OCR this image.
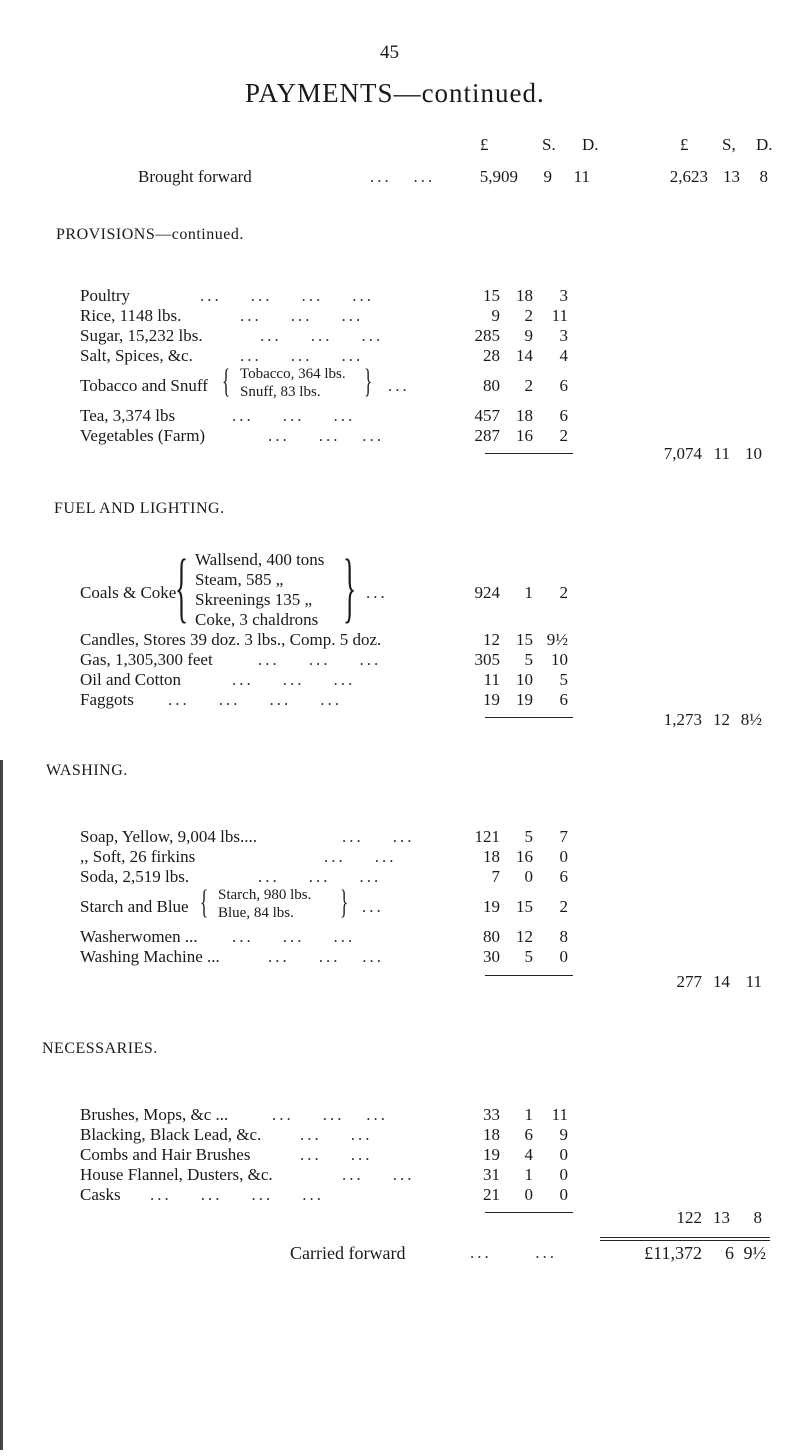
45
PAYMENTS—continued.
£	S. D.	£ S, D.
Brought forward	...   ...	5,909	9	11	2,623 13	8
PROVISIONS—continued.
Poultry	...    ...    ...    ...	15 18	3
Rice, 1148 lbs.	...    ...    ...	9	2	11
Sugar, 15,232 lbs.	...    ...    ...	285	9	3
Salt, Spices, &c.	...    ...    ...	28 14	4
Tobacco and Snuff { Tobacco, 364 lbs.
Snuff, 83 lbs. } ...	80	2	6
Tea, 3,374 lbs	...    ...    ...	457 18	6
Vegetables (Farm)	...    ...   ...	287 16	2
7,074 11 10
FUEL AND LIGHTING.
Coals & Coke
{ Wallsend, 400 tons
Steam, 585 „
Skreenings 135 „
Coke, 3 chaldrons } ...	924	1	2
Candles, Stores 39 doz. 3 lbs., Comp. 5 doz.	12 15 9½
Gas, 1,305,300 feet	...    ...    ...	305	5	10
Oil and Cotton	...    ...    ...	11 10	5
Faggots ...    ...    ...    ...	19 19	6
1,273 12 8½
WASHING.
Soap, Yellow, 9,004 lbs....	...    ...	121	5	7
,, Soft, 26 firkins	...    ...	18 16	0
Soda, 2,519 lbs.	...    ...    ...	7	0	6
Starch and Blue { Starch, 980 lbs.
Blue, 84 lbs. } ...	19 15	2
Washerwomen ... ...    ...    ...	80 12	8
Washing Machine ...	...    ...   ...	30	5	0
277 14 11
NECESSARIES.
Brushes, Mops, &c ...	...    ...   ...	33	1	11
Blacking, Black Lead, &c. ...    ...	18	6	9
Combs and Hair Brushes	...    ...	19	4	0
House Flannel, Dusters, &c.	...    ...	31	1	0
Casks ...    ...    ...    ...	21	0	0
122 13	8
Carried forward	...      ...	£11,372	6 9½
